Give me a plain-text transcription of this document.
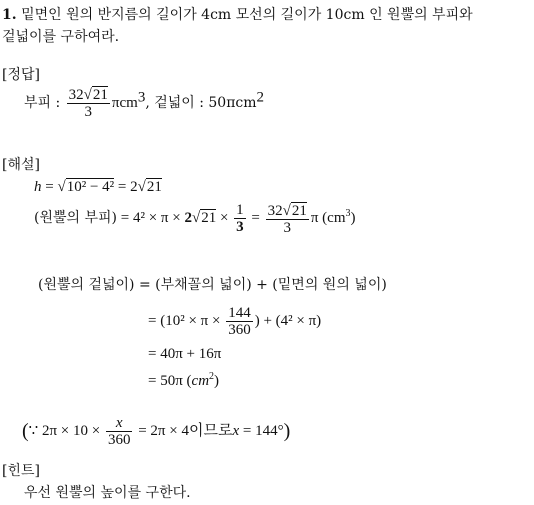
1. 밑면인 원의 반지름의 길이가 4cm 모선의 길이가 10cm 인 원뿔의 부피와
겉넓이를 구하여라.
[정답]
부피 : $\frac{32√21}{3} \pi cm^3$, 겉넓이 : 50πcm$^2$
[해설]
h = √10² − 4² = 2√21
(원뿔의 부피) = $4^2 \times \pi \times 2√21 \times \frac{1}{3} = \frac{32√21}{3}$ π $(cm^3)$
(원뿔의 겉넓이) = (부채꼴의 넓이) + (밑면의 원의 넓이)
= ($10^2 \times \pi \times \frac{144}{360}$ ) + (4² × π)
= 40π + 16π
= 50π $(cm^2)$
(∵ $2\pi \times 10 \times \frac{x}{360} = 2\pi \times 4$이므로x = 144°)
[힌트]
우선 원뿔의 높이를 구한다.
